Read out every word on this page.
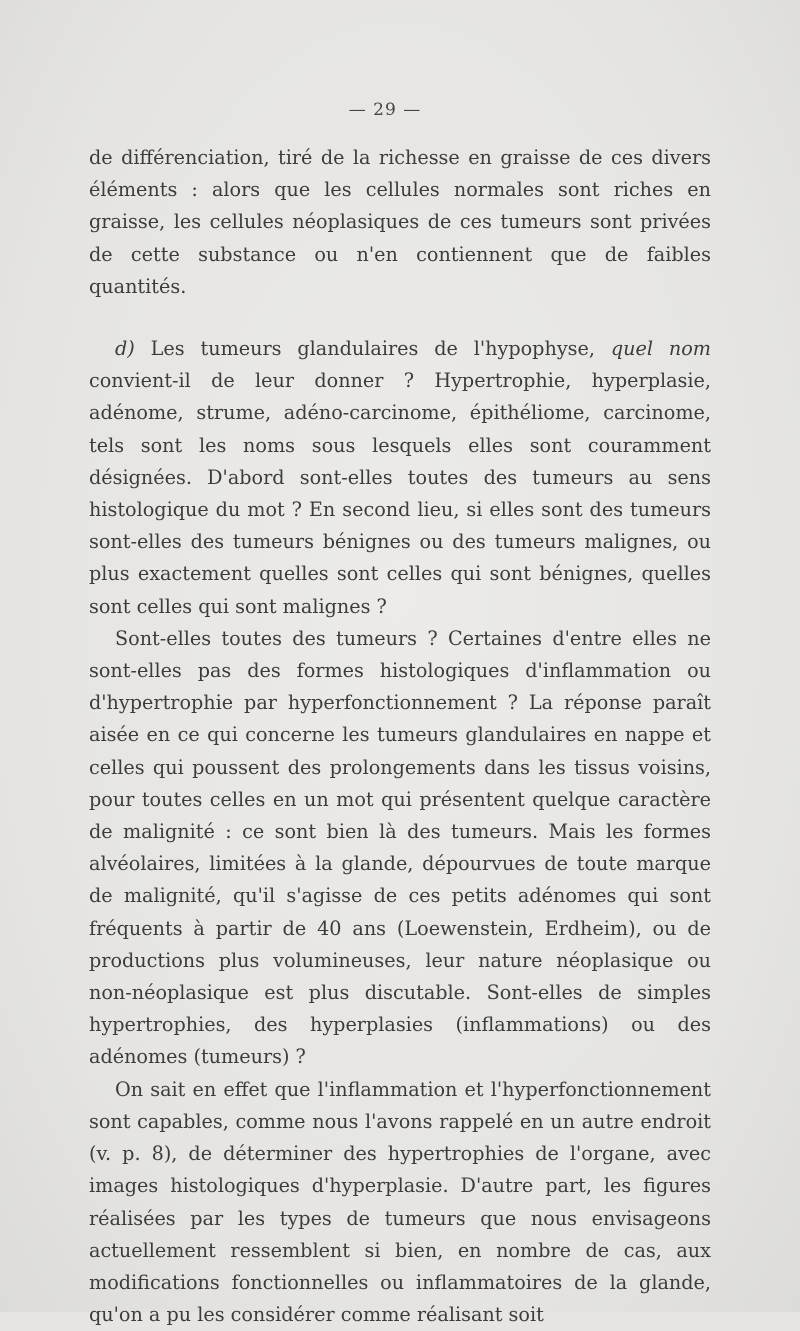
— 29 —

de différenciation, tiré de la richesse en graisse de ces divers éléments : alors que les cellules normales sont riches en graisse, les cellules néoplasiques de ces tumeurs sont privées de cette substance ou n'en contiennent que de faibles quantités.

d) Les tumeurs glandulaires de l'hypophyse, quel nom convient-il de leur donner ? Hypertrophie, hyperplasie, adénome, strume, adéno-carcinome, épithéliome, carcinome, tels sont les noms sous lesquels elles sont couramment désignées. D'abord sont-elles toutes des tumeurs au sens histologique du mot ? En second lieu, si elles sont des tumeurs sont-elles des tumeurs bénignes ou des tumeurs malignes, ou plus exactement quelles sont celles qui sont bénignes, quelles sont celles qui sont malignes ?

Sont-elles toutes des tumeurs ? Certaines d'entre elles ne sont-elles pas des formes histologiques d'inflammation ou d'hypertrophie par hyperfonctionnement ? La réponse paraît aisée en ce qui concerne les tumeurs glandulaires en nappe et celles qui poussent des prolongements dans les tissus voisins, pour toutes celles en un mot qui présentent quelque caractère de malignité : ce sont bien là des tumeurs. Mais les formes alvéolaires, limitées à la glande, dépourvues de toute marque de malignité, qu'il s'agisse de ces petits adénomes qui sont fréquents à partir de 40 ans (Loewenstein, Erdheim), ou de productions plus volumineuses, leur nature néoplasique ou non-néoplasique est plus discutable. Sont-elles de simples hypertrophies, des hyperplasies (inflammations) ou des adénomes (tumeurs) ?

On sait en effet que l'inflammation et l'hyperfonctionnement sont capables, comme nous l'avons rappelé en un autre endroit (v. p. 8), de déterminer des hypertrophies de l'organe, avec images histologiques d'hyperplasie. D'autre part, les figures réalisées par les types de tumeurs que nous envisageons actuellement ressemblent si bien, en nombre de cas, aux modifications fonctionnelles ou inflammatoires de la glande, qu'on a pu les considérer comme réalisant soit
